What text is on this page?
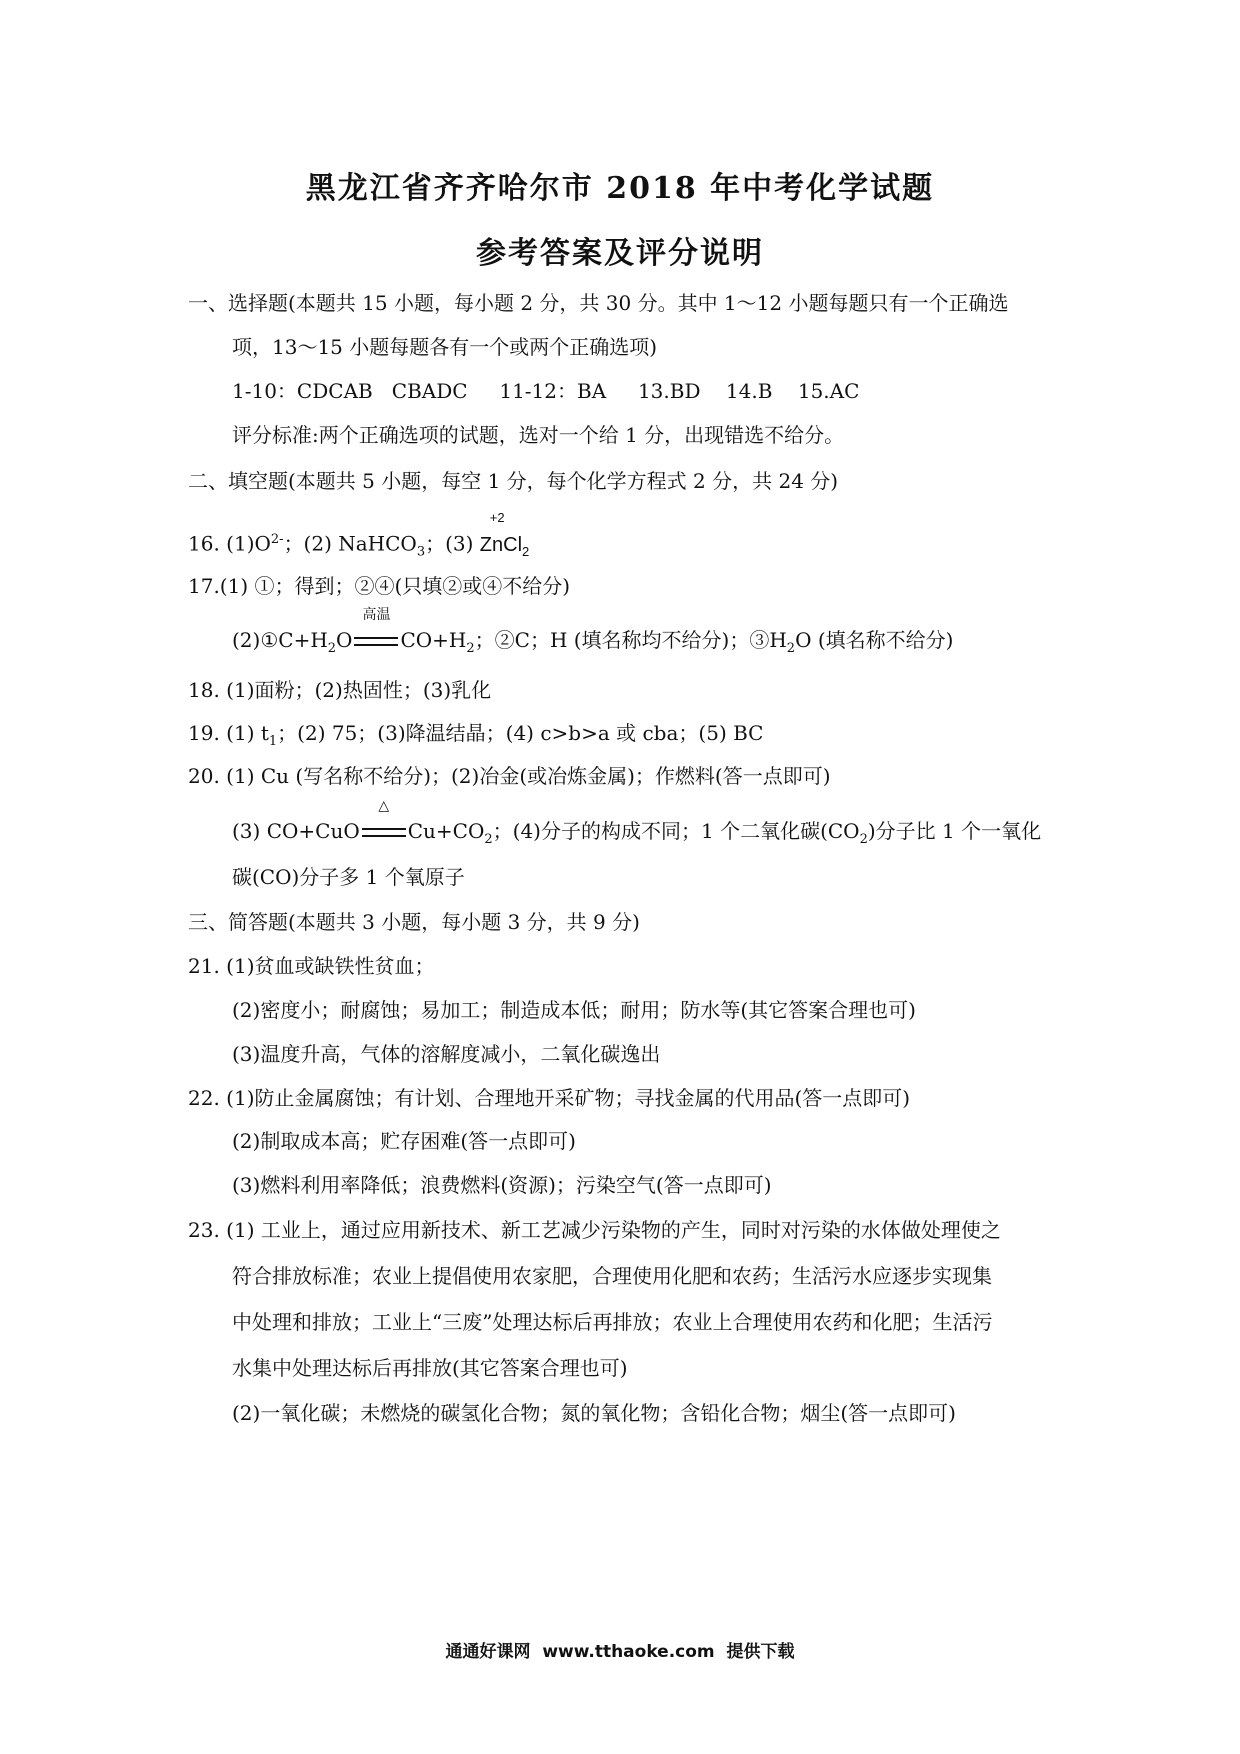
黑龙江省齐齐哈尔市 2018 年中考化学试题
参考答案及评分说明
一、选择题(本题共 15 小题，每小题 2 分，共 30 分。其中 1～12 小题每题只有一个正确选
项，13～15 小题每题各有一个或两个正确选项)
1-10：CDCAB   CBADC     11-12：BA     13.BD    14.B    15.AC
评分标准:两个正确选项的试题，选对一个给 1 分，出现错选不给分。
二、填空题(本题共 5 小题，每空 1 分，每个化学方程式 2 分，共 24 分)
16. $(1)O^{2-}$；(2) NaHCO$_3$；(3)
+2
ZnCl$_2$
17.(1) ①；得到；②④(只填②或④不给分)
$(2)①C+H_2O$
高温
$CO+H_2$；②C；H (填名称均不给分)；$③H_2O$ (填名称不给分)
18. (1)面粉；(2)热固性；(3)乳化
19. (1) $t_1$；(2) 75；(3)降温结晶；(4) c>b>a 或 cba；(5) BC
20. (1) Cu (写名称不给分)；(2)冶金(或冶炼金属)；作燃料(答一点即可)
(3) CO+CuO
△
$Cu+CO_2$；(4)分子的构成不同；1 个二氧化碳$(CO_2)$分子比 1 个一氧化
碳(CO)分子多 1 个氧原子
三、简答题(本题共 3 小题，每小题 3 分，共 9 分)
21. (1)贫血或缺铁性贫血；
(2)密度小；耐腐蚀；易加工；制造成本低；耐用；防水等(其它答案合理也可)
(3)温度升高，气体的溶解度减小，二氧化碳逸出
22. (1)防止金属腐蚀；有计划、合理地开采矿物；寻找金属的代用品(答一点即可)
(2)制取成本高；贮存困难(答一点即可)
(3)燃料利用率降低；浪费燃料(资源)；污染空气(答一点即可)
23. (1) 工业上，通过应用新技术、新工艺减少污染物的产生，同时对污染的水体做处理使之
符合排放标准；农业上提倡使用农家肥，合理使用化肥和农药；生活污水应逐步实现集
中处理和排放；工业上“三废”处理达标后再排放；农业上合理使用农药和化肥；生活污
水集中处理达标后再排放(其它答案合理也可)
(2)一氧化碳；未燃烧的碳氢化合物；氮的氧化物；含铅化合物；烟尘(答一点即可)
通通好课网  www.tthaoke.com  提供下载
